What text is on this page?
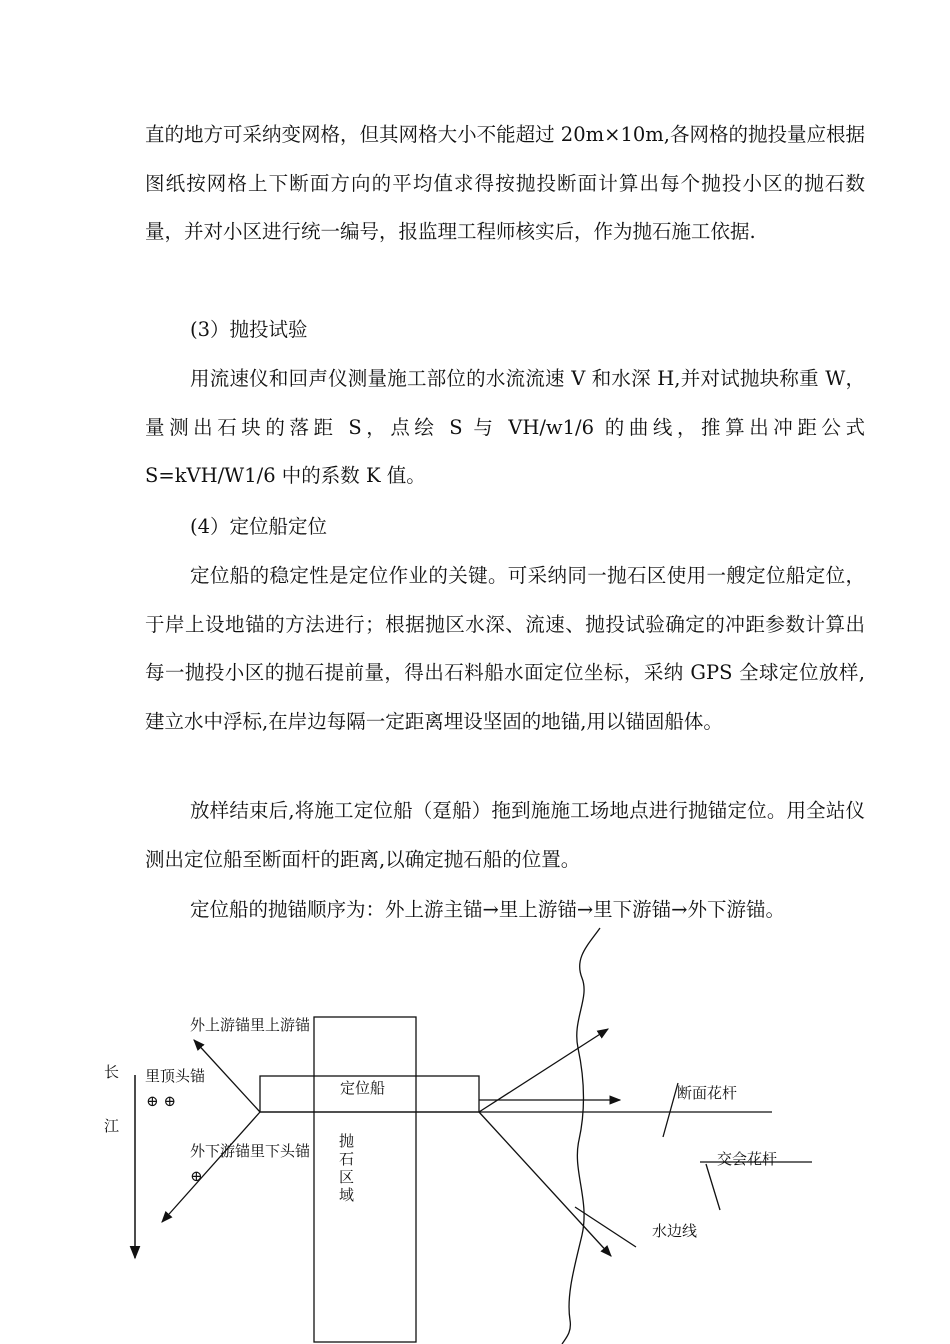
直的地方可采纳变网格，但其网格大小不能超过 20m×10m,各网格的抛投量应根据图纸按网格上下断面方向的平均值求得按抛投断面计算出每个抛投小区的抛石数量，并对小区进行统一编号，报监理工程师核实后，作为抛石施工依据.

(3）抛投试验

用流速仪和回声仪测量施工部位的水流流速 V 和水深 H,并对试抛块称重 W，量测出石块的落距 S，点绘 S 与 VH/w1/6 的曲线，推算出冲距公式 S=kVH/W1/6 中的系数 K 值。

(4）定位船定位

定位船的稳定性是定位作业的关键。可采纳同一抛石区使用一艘定位船定位，于岸上设地锚的方法进行；根据抛区水深、流速、抛投试验确定的冲距参数计算出每一抛投小区的抛石提前量，得出石料船水面定位坐标，采纳 GPS 全球定位放样,建立水中浮标,在岸边每隔一定距离埋设坚固的地锚,用以锚固船体。

放样结束后,将施工定位船（趸船）拖到施施工场地点进行抛锚定位。用全站仪测出定位船至断面杆的距离,以确定抛石船的位置。

定位船的抛锚顺序为：外上游主锚→里上游锚→里下游锚→外下游锚。

长
江
外上游锚里上游锚
里顶头锚
⊕ ⊕
外下游锚里下头锚
⊕
定位船
抛
石
区
域
断面花杆
交会花杆
水边线
